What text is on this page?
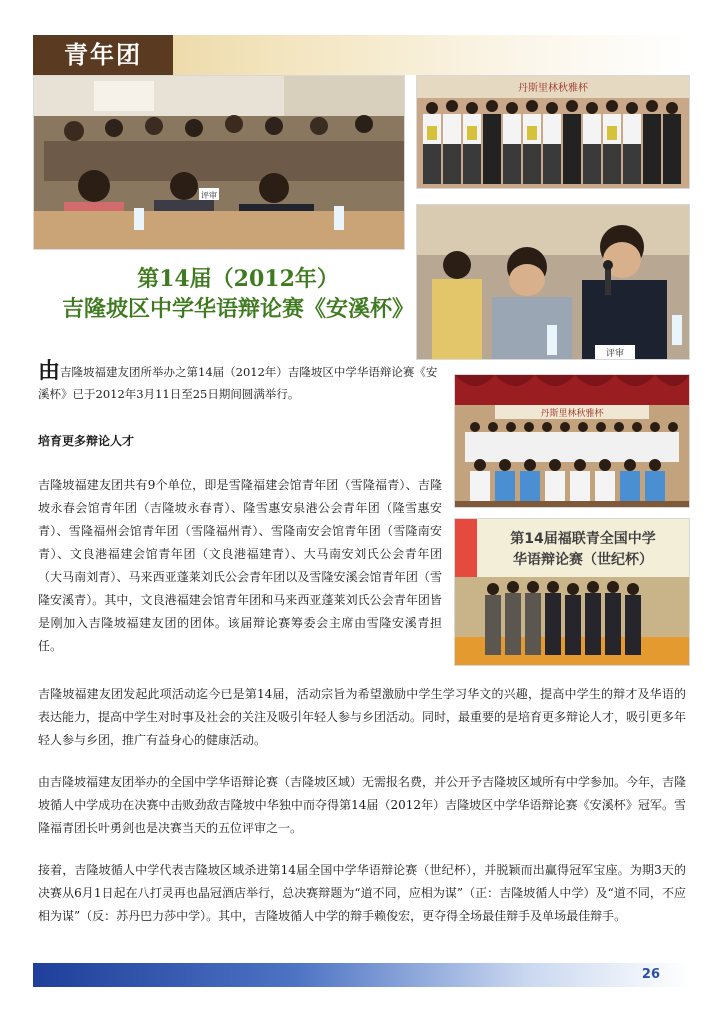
青年团
评审
丹斯里林秋雅杯
评审
丹斯里林秋雅杯
第14届福联青全国中学
华语辩论赛（世纪杯）
第14届（2012年）
吉隆坡区中学华语辩论赛《安溪杯》
由吉隆坡福建友团所举办之第14届（2012年）吉隆坡区中学华语辩论赛《安溪杯》已于2012年3月11日至25日期间圆满举行。
培育更多辩论人才
吉隆坡福建友团共有9个单位，即是雪隆福建会馆青年团（雪隆福青）、吉隆坡永春会馆青年团（吉隆坡永春青）、隆雪惠安泉港公会青年团（隆雪惠安青）、雪隆福州会馆青年团（雪隆福州青）、雪隆南安会馆青年团（雪隆南安青）、文良港福建会馆青年团（文良港福建青）、大马南安刘氏公会青年团（大马南刘青）、马来西亚蓬莱刘氏公会青年团以及雪隆安溪会馆青年团（雪隆安溪青）。其中，文良港福建会馆青年团和马来西亚蓬莱刘氏公会青年团皆是刚加入吉隆坡福建友团的团体。该届辩论赛筹委会主席由雪隆安溪青担任。
吉隆坡福建友团发起此项活动迄今已是第14届，活动宗旨为希望激励中学生学习华文的兴趣，提高中学生的辩才及华语的表达能力，提高中学生对时事及社会的关注及吸引年轻人参与乡团活动。同时，最重要的是培育更多辩论人才，吸引更多年轻人参与乡团，推广有益身心的健康活动。
由吉隆坡福建友团举办的全国中学华语辩论赛（吉隆坡区域）无需报名费，并公开予吉隆坡区域所有中学参加。今年，吉隆坡循人中学成功在决赛中击败劲敌吉隆坡中华独中而夺得第14届（2012年）吉隆坡区中学华语辩论赛《安溪杯》冠军。雪隆福青团长叶勇剑也是决赛当天的五位评审之一。
接着，吉隆坡循人中学代表吉隆坡区域杀进第14届全国中学华语辩论赛（世纪杯），并脱颖而出赢得冠军宝座。为期3天的决赛从6月1日起在八打灵再也晶冠酒店举行，总决赛辩题为“道不同，应相为谋”（正：吉隆坡循人中学）及“道不同，不应相为谋”（反：苏丹巴力莎中学）。其中，吉隆坡循人中学的辩手赖俊宏，更夺得全场最佳辩手及单场最佳辩手。
26
